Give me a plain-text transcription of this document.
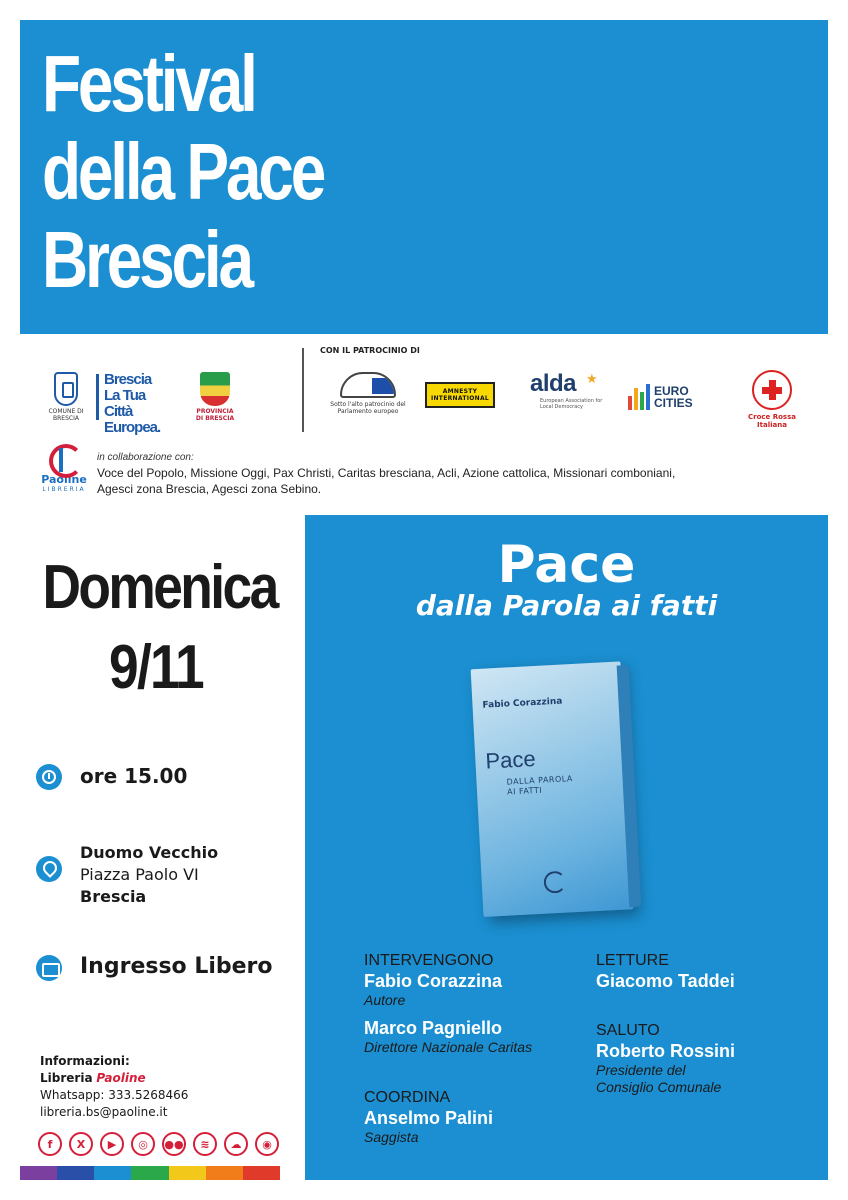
Festival
della Pace
Brescia
COMUNE DI BRESCIA
Brescia
La Tua Città
Europea.
PROVINCIA DI BRESCIA
CON IL PATROCINIO DI
Sotto l'alto patrocinio del Parlamento europeo
AMNESTY INTERNATIONAL
alda ★
European Association for Local Democracy
EURO
CITIES
Croce Rossa Italiana
Paoline
LIBRERIA
in collaborazione con:
Voce del Popolo, Missione Oggi, Pax Christi, Caritas bresciana, Acli, Azione cattolica, Missionari comboniani,
Agesci zona Brescia, Agesci zona Sebino.
Domenica
9/11
ore 15.00
Duomo Vecchio
Piazza Paolo VI
Brescia
Ingresso Libero
Informazioni:
Libreria Paoline
Whatsapp: 333.5268466
libreria.bs@paoline.it
f	X	▶	◎	●●	≋	☁	◉
Pace
dalla Parola ai fatti
Fabio Corazzina
Pace
DALLA PAROLA
AI FATTI
INTERVENGONO
Fabio Corazzina
Autore
Marco Pagniello
Direttore Nazionale Caritas
COORDINA
Anselmo Palini
Saggista
LETTURE
Giacomo Taddei
SALUTO
Roberto Rossini
Presidente del
Consiglio Comunale
